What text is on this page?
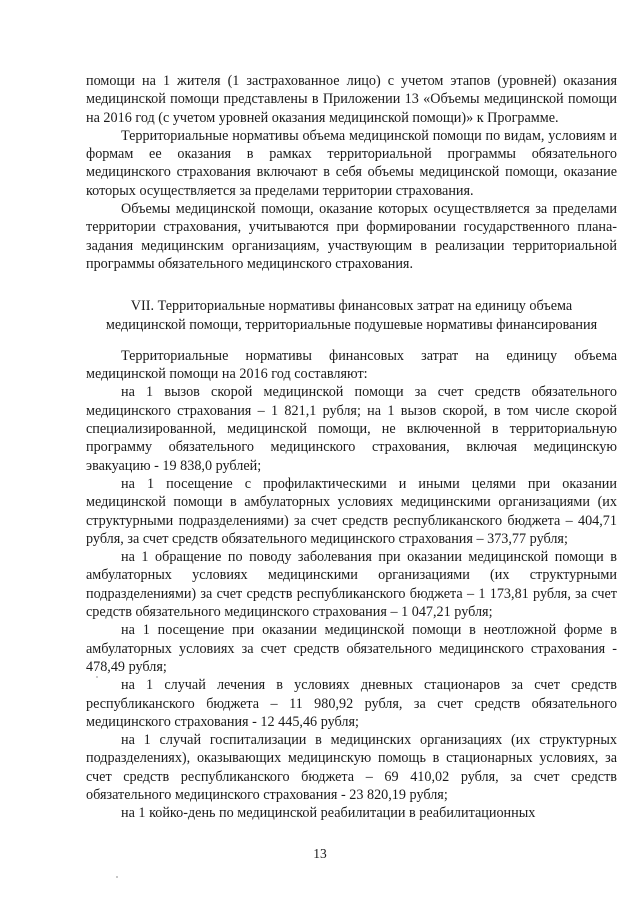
помощи на 1 жителя (1 застрахованное лицо) с учетом этапов (уровней) оказания медицинской помощи представлены в Приложении 13 «Объемы медицинской помощи на 2016 год (с учетом уровней оказания медицинской помощи)» к Программе.

Территориальные нормативы объема медицинской помощи по видам, условиям и формам ее оказания в рамках территориальной программы обязательного медицинского страхования включают в себя объемы медицинской помощи, оказание которых осуществляется за пределами территории страхования.

Объемы медицинской помощи, оказание которых осуществляется за пределами территории страхования, учитываются при формировании государственного плана-задания медицинским организациям, участвующим в реализации территориальной программы обязательного медицинского страхования.

VII. Территориальные нормативы финансовых затрат на единицу объема
медицинской помощи, территориальные подушевые нормативы финансирования

Территориальные нормативы финансовых затрат на единицу объема медицинской помощи на 2016 год составляют:

на 1 вызов скорой медицинской помощи за счет средств обязательного медицинского страхования – 1 821,1 рубля; на 1 вызов скорой, в том числе скорой специализированной, медицинской помощи, не включенной в территориальную программу обязательного медицинского страхования, включая медицинскую эвакуацию - 19 838,0 рублей;

на 1 посещение с профилактическими и иными целями при оказании медицинской помощи в амбулаторных условиях медицинскими организациями (их структурными подразделениями) за счет средств республиканского бюджета – 404,71 рубля, за счет средств обязательного медицинского страхования – 373,77 рубля;

на 1 обращение по поводу заболевания при оказании медицинской помощи в амбулаторных условиях медицинскими организациями (их структурными подразделениями) за счет средств республиканского бюджета – 1 173,81 рубля, за счет средств обязательного медицинского страхования – 1 047,21 рубля;

на 1 посещение при оказании медицинской помощи в неотложной форме в амбулаторных условиях за счет средств обязательного медицинского страхования - 478,49 рубля;

на 1 случай лечения в условиях дневных стационаров за счет средств республиканского бюджета – 11 980,92 рубля, за счет средств обязательного медицинского страхования - 12 445,46 рубля;

на 1 случай госпитализации в медицинских организациях (их структурных подразделениях), оказывающих медицинскую помощь в стационарных условиях, за счет средств республиканского бюджета – 69 410,02 рубля, за счет средств обязательного медицинского страхования - 23 820,19 рубля;

на 1 койко-день по медицинской реабилитации в реабилитационных

13
